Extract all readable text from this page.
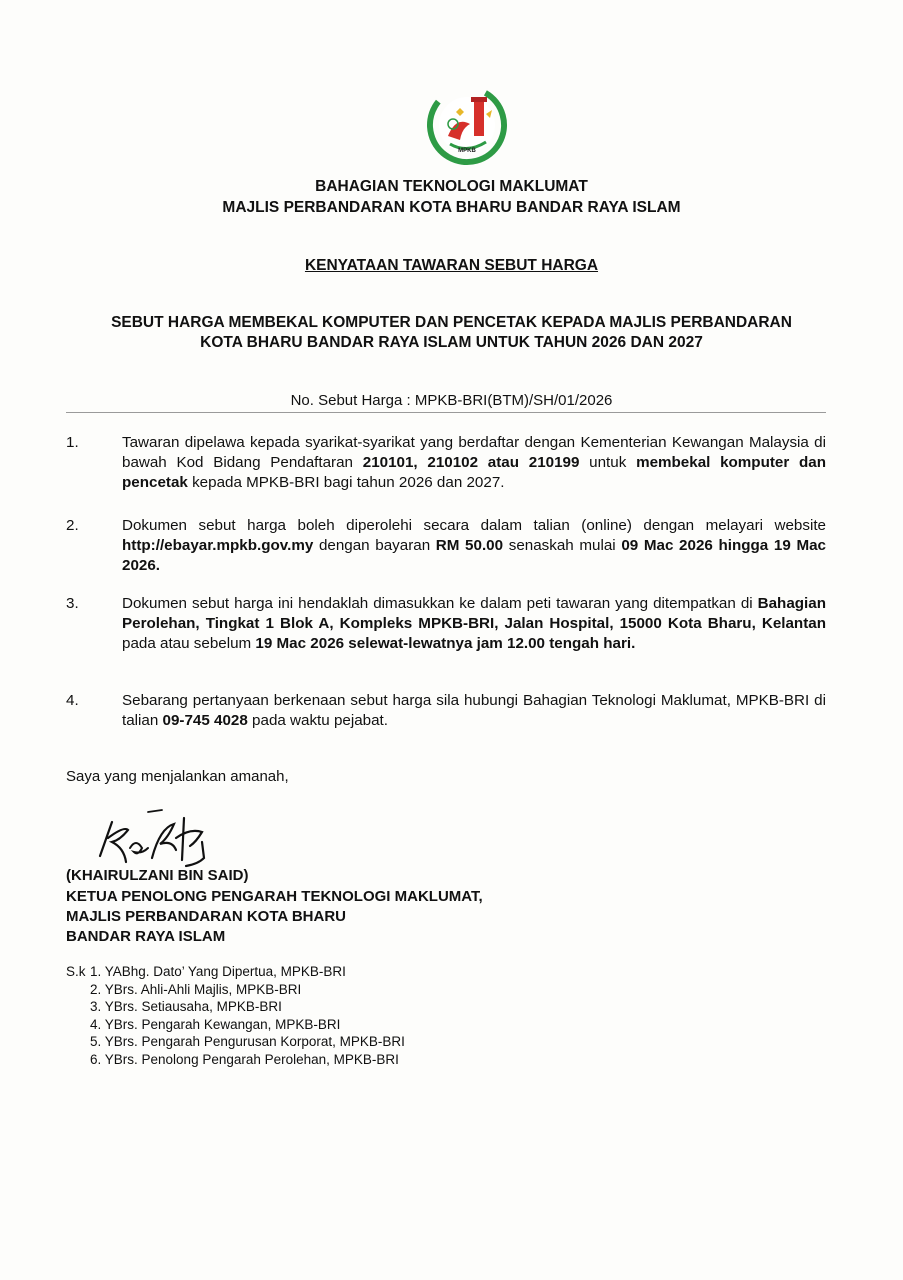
MPKB
BAHAGIAN TEKNOLOGI MAKLUMAT
MAJLIS PERBANDARAN KOTA BHARU BANDAR RAYA ISLAM
KENYATAAN TAWARAN SEBUT HARGA
SEBUT HARGA MEMBEKAL KOMPUTER DAN PENCETAK KEPADA MAJLIS PERBANDARAN
KOTA BHARU BANDAR RAYA ISLAM UNTUK TAHUN 2026 DAN 2027
No. Sebut Harga : MPKB-BRI(BTM)/SH/01/2026
1.	Tawaran dipelawa kepada syarikat-syarikat yang berdaftar dengan Kementerian Kewangan Malaysia di bawah Kod Bidang Pendaftaran 210101, 210102 atau 210199 untuk membekal komputer dan pencetak kepada MPKB-BRI bagi tahun 2026 dan 2027.
2.	Dokumen sebut harga boleh diperolehi secara dalam talian (online) dengan melayari website http://ebayar.mpkb.gov.my dengan bayaran RM 50.00 senaskah mulai 09 Mac 2026 hingga 19 Mac 2026.
3.	Dokumen sebut harga ini hendaklah dimasukkan ke dalam peti tawaran yang ditempatkan di Bahagian Perolehan, Tingkat 1 Blok A, Kompleks MPKB-BRI, Jalan Hospital, 15000 Kota Bharu, Kelantan pada atau sebelum 19 Mac 2026 selewat-lewatnya jam 12.00 tengah hari.
4.	Sebarang pertanyaan berkenaan sebut harga sila hubungi Bahagian Teknologi Maklumat, MPKB-BRI di talian 09-745 4028 pada waktu pejabat.
Saya yang menjalankan amanah,
(KHAIRULZANI BIN SAID)
KETUA PENOLONG PENGARAH TEKNOLOGI MAKLUMAT,
MAJLIS PERBANDARAN KOTA BHARU
BANDAR RAYA ISLAM
S.k 1. YABhg. Dato’ Yang Dipertua, MPKB-BRI
2. YBrs. Ahli-Ahli Majlis, MPKB-BRI
3. YBrs. Setiausaha, MPKB-BRI
4. YBrs. Pengarah Kewangan, MPKB-BRI
5. YBrs. Pengarah Pengurusan Korporat, MPKB-BRI
6. YBrs. Penolong Pengarah Perolehan, MPKB-BRI
